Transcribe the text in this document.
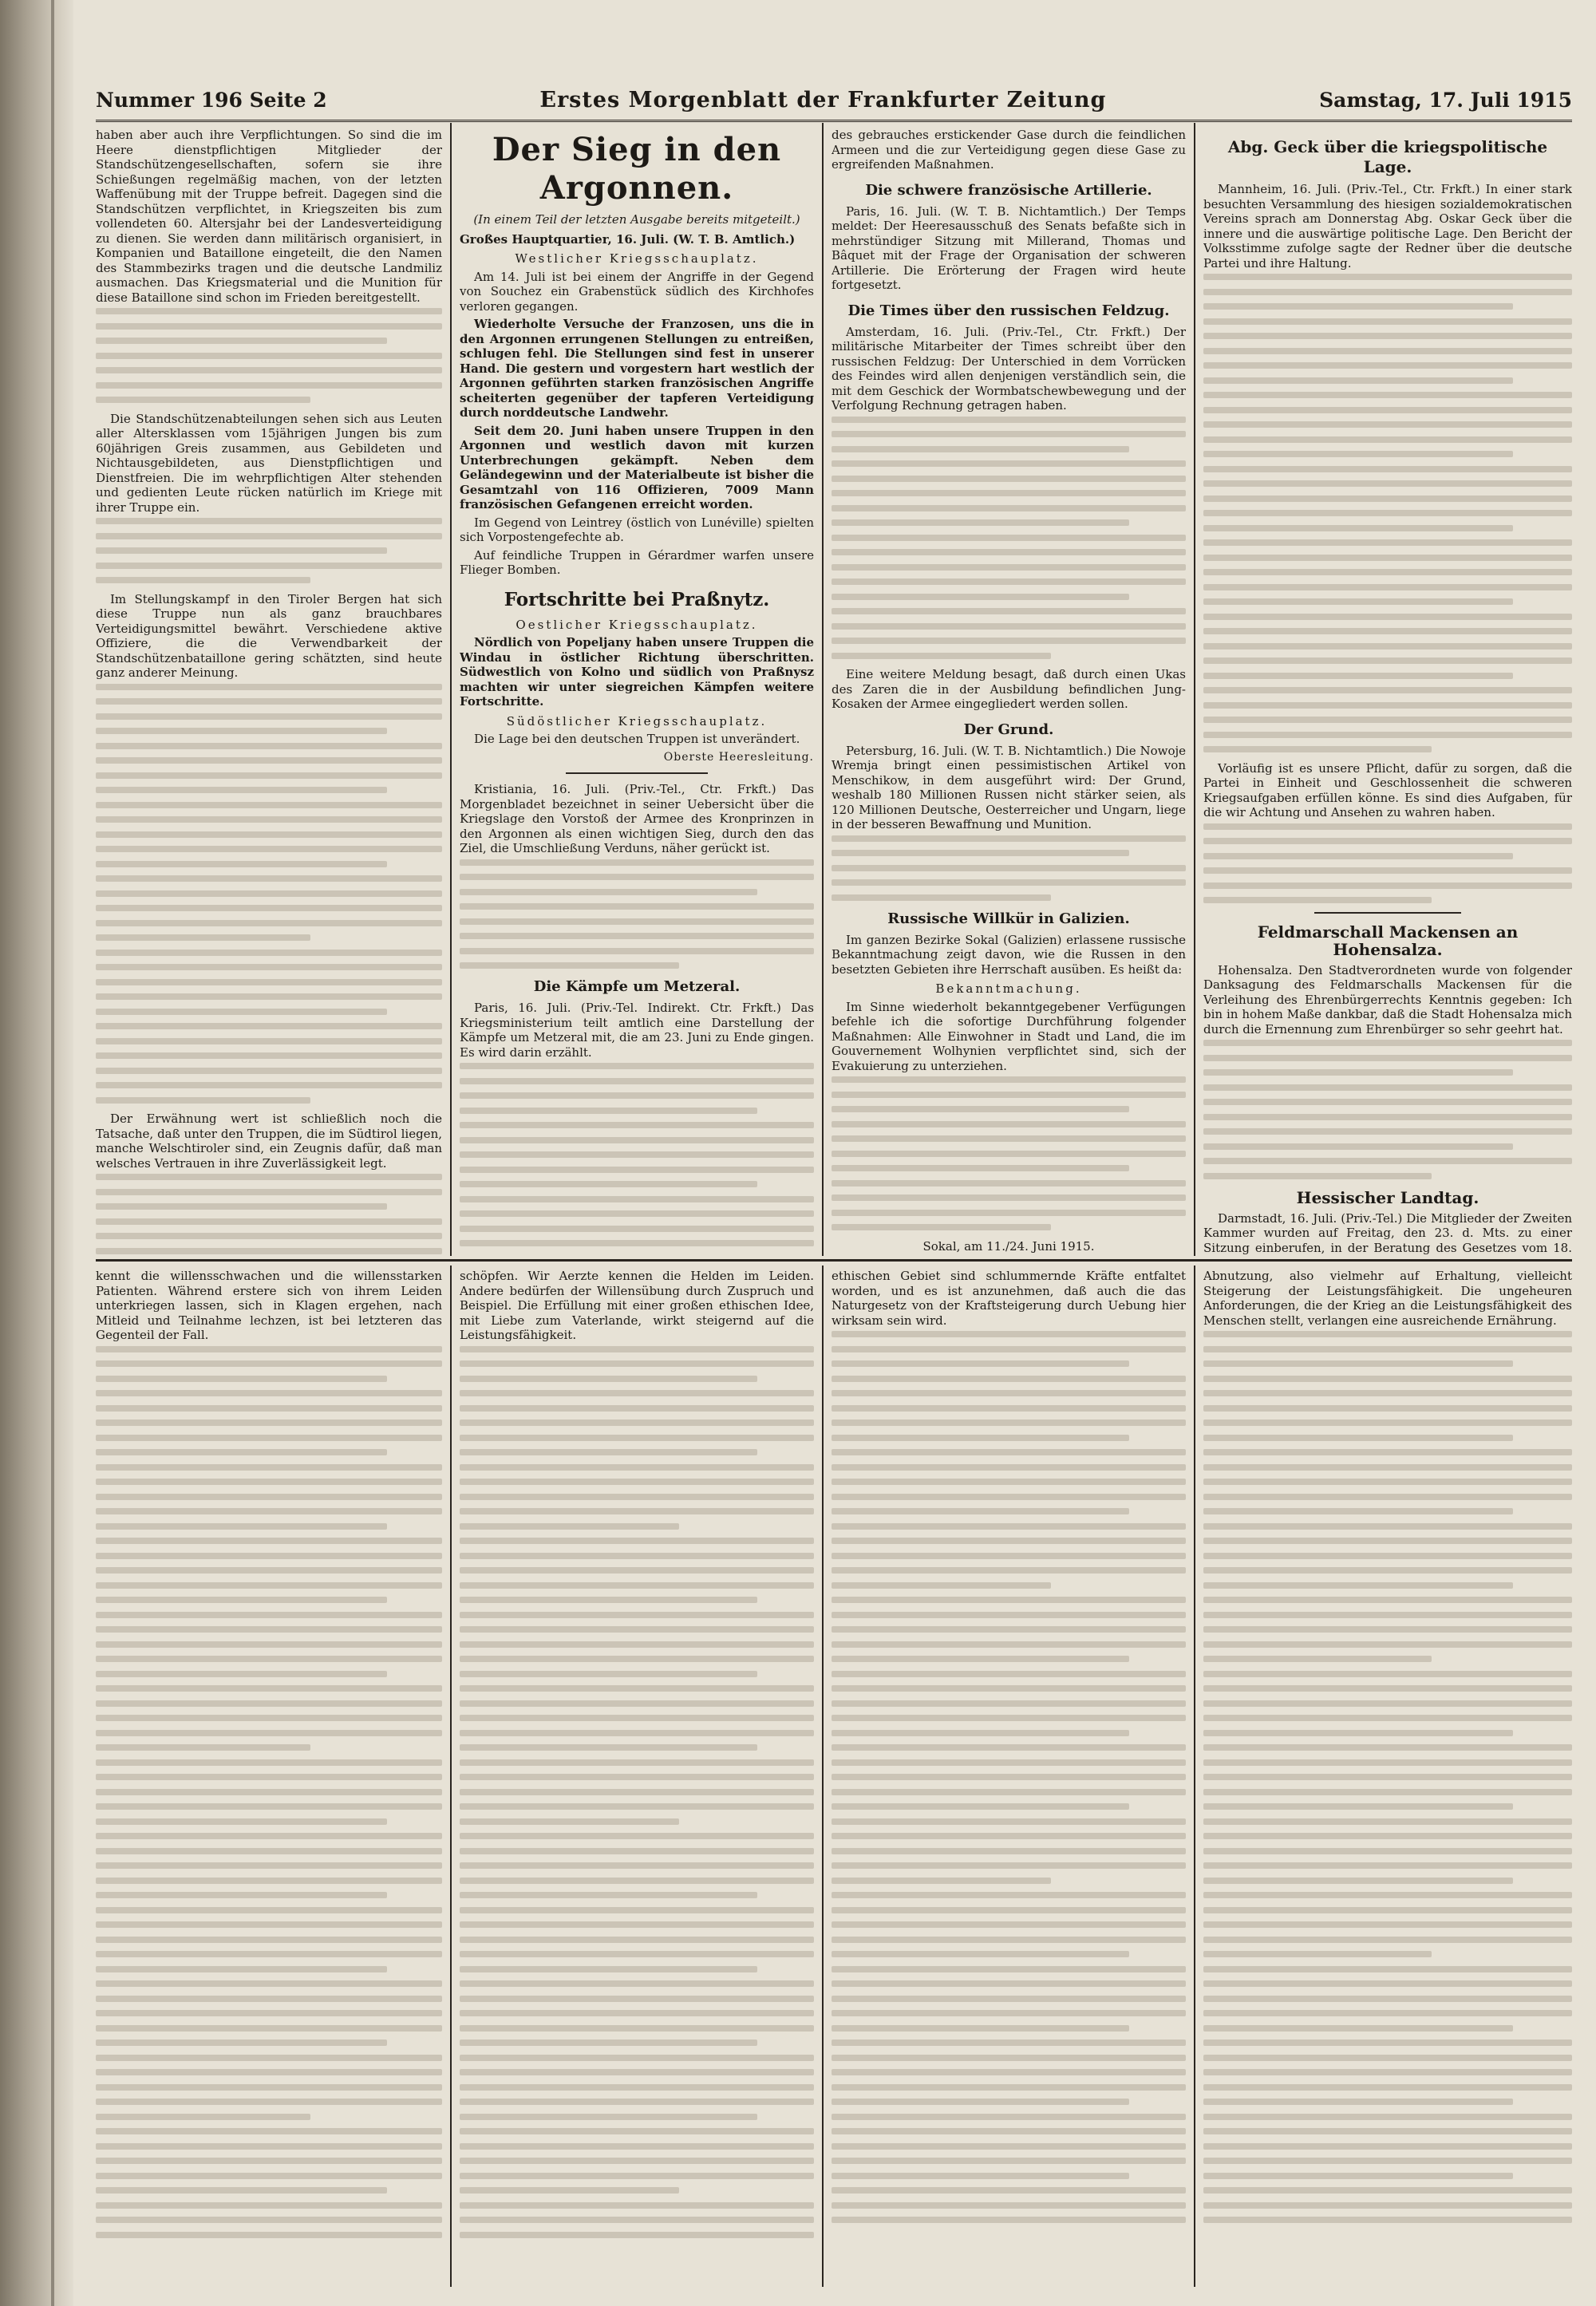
Nummer 196 Seite 2	Erstes Morgenblatt der Frankfurter Zeitung	Samstag, 17. Juli 1915

haben aber auch ihre Verpflichtungen. So sind die im Heere dienstpflichtigen Mitglieder der Standschützengesellschaften, sofern sie ihre Schießungen regelmäßig machen, von der letzten Waffenübung mit der Truppe befreit. Dagegen sind die Standschützen verpflichtet, in Kriegszeiten bis zum vollendeten 60. Altersjahr bei der Landesverteidigung zu dienen. Sie werden dann militärisch organisiert, in Kompanien und Bataillone eingeteilt, die den Namen des Stammbezirks tragen und die deutsche Landmiliz ausmachen. Das Kriegsmaterial und die Munition für diese Bataillone sind schon im Frieden bereitgestellt.

Die Standschützenabteilungen sehen sich aus Leuten aller Altersklassen vom 15jährigen Jungen bis zum 60jährigen Greis zusammen, aus Gebildeten und Nichtausgebildeten, aus Dienstpflichtigen und Dienstfreien. Die im wehrpflichtigen Alter stehenden und gedienten Leute rücken natürlich im Kriege mit ihrer Truppe ein.

Im Stellungskampf in den Tiroler Bergen hat sich diese Truppe nun als ganz brauchbares Verteidigungsmittel bewährt. Verschiedene aktive Offiziere, die die Verwendbarkeit der Standschützenbataillone gering schätzten, sind heute ganz anderer Meinung.

Der Erwähnung wert ist schließlich noch die Tatsache, daß unter den Truppen, die im Südtirol liegen, manche Welschtiroler sind, ein Zeugnis dafür, daß man welsches Vertrauen in ihre Zuverlässigkeit legt.

Der Sieg in den Argonnen.
(In einem Teil der letzten Ausgabe bereits mitgeteilt.)

Großes Hauptquartier, 16. Juli. (W. T. B. Amtlich.)

Westlicher Kriegsschauplatz.

Am 14. Juli ist bei einem der Angriffe in der Gegend von Souchez ein Grabenstück südlich des Kirchhofes verloren gegangen.

Wiederholte Versuche der Franzosen, uns die in den Argonnen errungenen Stellungen zu entreißen, schlugen fehl. Die Stellungen sind fest in unserer Hand. Die gestern und vorgestern hart westlich der Argonnen geführten starken französischen Angriffe scheiterten gegenüber der tapferen Verteidigung durch norddeutsche Landwehr.

Seit dem 20. Juni haben unsere Truppen in den Argonnen und westlich davon mit kurzen Unterbrechungen gekämpft. Neben dem Geländegewinn und der Materialbeute ist bisher die Gesamtzahl von 116 Offizieren, 7009 Mann französischen Gefangenen erreicht worden.

Im Gegend von Leintrey (östlich von Lunéville) spielten sich Vorpostengefechte ab.

Auf feindliche Truppen in Gérardmer warfen unsere Flieger Bomben.

Fortschritte bei Praßnytz.
Oestlicher Kriegsschauplatz.

Nördlich von Popeljany haben unsere Truppen die Windau in östlicher Richtung überschritten. Südwestlich von Kolno und südlich von Praßnysz machten wir unter siegreichen Kämpfen weitere Fortschritte.

Südöstlicher Kriegsschauplatz.

Die Lage bei den deutschen Truppen ist unverändert.

Oberste Heeresleitung.

Kristiania, 16. Juli. (Priv.-Tel., Ctr. Frkft.) Das Morgenbladet bezeichnet in seiner Uebersicht über die Kriegslage den Vorstoß der Armee des Kronprinzen in den Argonnen als einen wichtigen Sieg, durch den das Ziel, die Umschließung Verduns, näher gerückt ist.

Die Kämpfe um Metzeral.

Paris, 16. Juli. (Priv.-Tel. Indirekt. Ctr. Frkft.) Das Kriegsministerium teilt amtlich eine Darstellung der Kämpfe um Metzeral mit, die am 23. Juni zu Ende gingen. Es wird darin erzählt.

des gebrauches erstickender Gase durch die feindlichen Armeen und die zur Verteidigung gegen diese Gase zu ergreifenden Maßnahmen.

Die schwere französische Artillerie.

Paris, 16. Juli. (W. T. B. Nichtamtlich.) Der Temps meldet: Der Heeresausschuß des Senats befaßte sich in mehrstündiger Sitzung mit Millerand, Thomas und Bâquet mit der Frage der Organisation der schweren Artillerie. Die Erörterung der Fragen wird heute fortgesetzt.

Die Times über den russischen Feldzug.

Amsterdam, 16. Juli. (Priv.-Tel., Ctr. Frkft.) Der militärische Mitarbeiter der Times schreibt über den russischen Feldzug: Der Unterschied in dem Vorrücken des Feindes wird allen denjenigen verständlich sein, die mit dem Geschick der Wormbatschewbewegung und der Verfolgung Rechnung getragen haben.

Eine weitere Meldung besagt, daß durch einen Ukas des Zaren die in der Ausbildung befindlichen Jung-Kosaken der Armee eingegliedert werden sollen.

Der Grund.

Petersburg, 16. Juli. (W. T. B. Nichtamtlich.) Die Nowoje Wremja bringt einen pessimistischen Artikel von Menschikow, in dem ausgeführt wird: Der Grund, weshalb 180 Millionen Russen nicht stärker seien, als 120 Millionen Deutsche, Oesterreicher und Ungarn, liege in der besseren Bewaffnung und Munition.

Russische Willkür in Galizien.

Im ganzen Bezirke Sokal (Galizien) erlassene russische Bekanntmachung zeigt davon, wie die Russen in den besetzten Gebieten ihre Herrschaft ausüben. Es heißt da:

Bekanntmachung.

Im Sinne wiederholt bekanntgegebener Verfügungen befehle ich die sofortige Durchführung folgender Maßnahmen: Alle Einwohner in Stadt und Land, die im Gouvernement Wolhynien verpflichtet sind, sich der Evakuierung zu unterziehen.

Sokal, am 11./24. Juni 1915.

Abg. Geck über die kriegspolitische Lage.

Mannheim, 16. Juli. (Priv.-Tel., Ctr. Frkft.) In einer stark besuchten Versammlung des hiesigen sozialdemokratischen Vereins sprach am Donnerstag Abg. Oskar Geck über die innere und die auswärtige politische Lage. Den Bericht der Volksstimme zufolge sagte der Redner über die deutsche Partei und ihre Haltung.

Vorläufig ist es unsere Pflicht, dafür zu sorgen, daß die Partei in Einheit und Geschlossenheit die schweren Kriegsaufgaben erfüllen könne. Es sind dies Aufgaben, für die wir Achtung und Ansehen zu wahren haben.

Feldmarschall Mackensen an Hohensalza.

Hohensalza. Den Stadtverordneten wurde von folgender Danksagung des Feldmarschalls Mackensen für die Verleihung des Ehrenbürgerrechts Kenntnis gegeben: Ich bin in hohem Maße dankbar, daß die Stadt Hohensalza mich durch die Ernennung zum Ehrenbürger so sehr geehrt hat.

Hessischer Landtag.

Darmstadt, 16. Juli. (Priv.-Tel.) Die Mitglieder der Zweiten Kammer wurden auf Freitag, den 23. d. Mts. zu einer Sitzung einberufen, in der Beratung des Gesetzes vom 18.

kennt die willensschwachen und die willensstarken Patienten. Während erstere sich von ihrem Leiden unterkriegen lassen, sich in Klagen ergehen, nach Mitleid und Teilnahme lechzen, ist bei letzteren das Gegenteil der Fall.

schöpfen. Wir Aerzte kennen die Helden im Leiden. Andere bedürfen der Willensübung durch Zuspruch und Beispiel. Die Erfüllung mit einer großen ethischen Idee, mit Liebe zum Vaterlande, wirkt steigernd auf die Leistungsfähigkeit.

ethischen Gebiet sind schlummernde Kräfte entfaltet worden, und es ist anzunehmen, daß auch die das Naturgesetz von der Kraftsteigerung durch Uebung hier wirksam sein wird.

Abnutzung, also vielmehr auf Erhaltung, vielleicht Steigerung der Leistungsfähigkeit. Die ungeheuren Anforderungen, die der Krieg an die Leistungsfähigkeit des Menschen stellt, verlangen eine ausreichende Ernährung.
